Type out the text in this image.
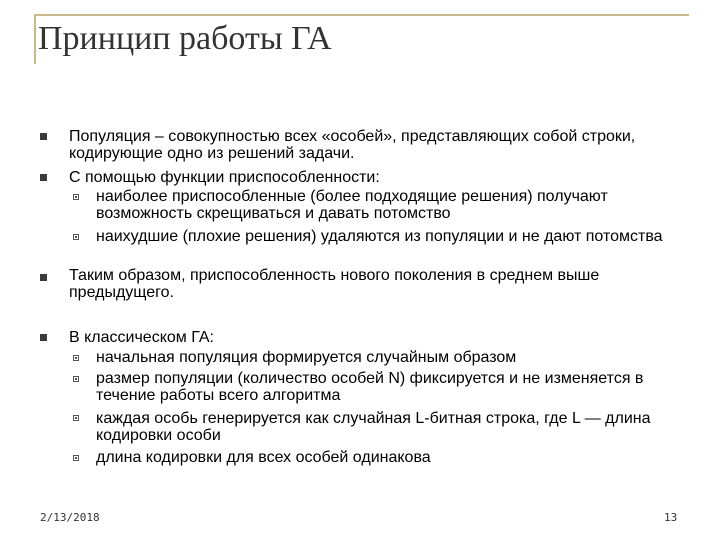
Принцип работы ГА
Популяция – совокупностью всех «особей», представляющих собой строки, кодирующие одно из решений задачи.
С помощью функции приспособленности:
наиболее приспособленные (более подходящие решения) получают возможность скрещиваться и давать потомство
наихудшие (плохие решения) удаляются из популяции и не дают потомства
Таким образом, приспособленность нового поколения в среднем выше предыдущего.
В классическом ГА:
начальная популяция формируется случайным образом
размер популяции (количество особей N) фиксируется и не изменяется в течение работы всего алгоритма
каждая особь генерируется как случайная L-битная строка, где L — длина кодировки особи
длина кодировки для всех особей одинакова
2/13/2018	13
